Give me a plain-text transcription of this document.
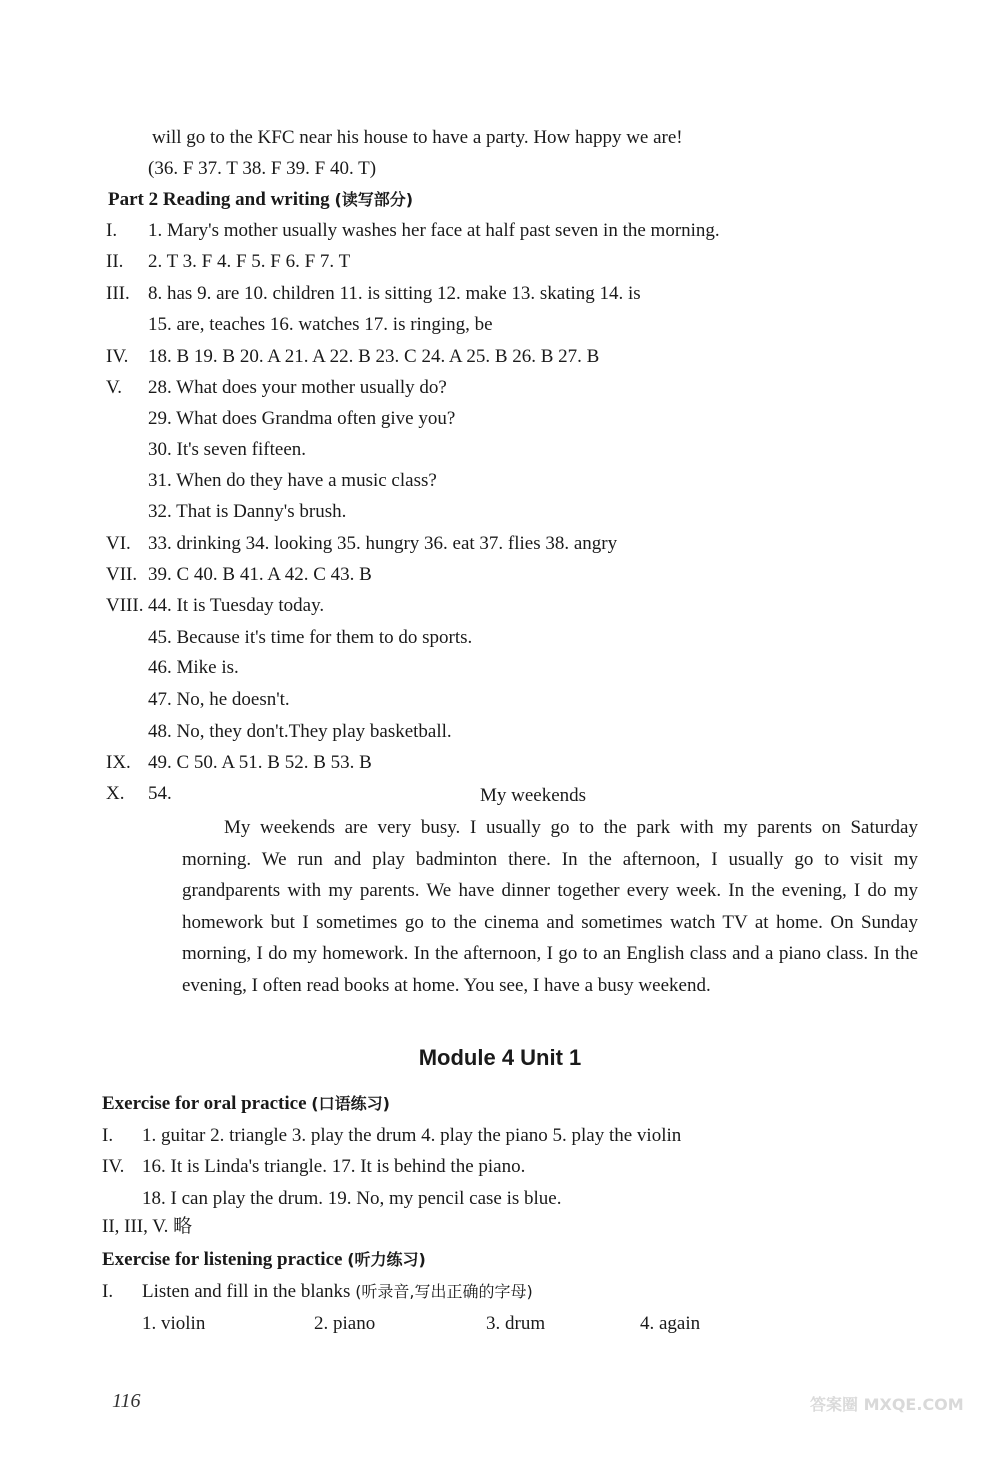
will go to the KFC near his house to have a party. How happy we are!
(36. F 37. T 38. F 39. F 40. T)
Part 2 Reading and writing (读写部分)
I. 1. Mary's mother usually washes her face at half past seven in the morning.
II. 2. T 3. F 4. F 5. F 6. F 7. T
III. 8. has 9. are 10. children 11. is sitting 12. make 13. skating 14. is
15. are, teaches 16. watches 17. is ringing, be
IV. 18. B 19. B 20. A 21. A 22. B 23. C 24. A 25. B 26. B 27. B
V. 28. What does your mother usually do?
29. What does Grandma often give you?
30. It's seven fifteen.
31. When do they have a music class?
32. That is Danny's brush.
VI. 33. drinking 34. looking 35. hungry 36. eat 37. flies 38. angry
VII. 39. C 40. B 41. A 42. C 43. B
VIII. 44. It is Tuesday today.
45. Because it's time for them to do sports.
46. Mike is.
47. No, he doesn't.
48. No, they don't.They play basketball.
IX. 49. C 50. A 51. B 52. B 53. B
X. 54.	My weekends
My weekends are very busy. I usually go to the park with my parents on Saturday morning. We run and play badminton there. In the afternoon, I usually go to visit my grandparents with my parents. We have dinner together every week. In the evening, I do my homework but I sometimes go to the cinema and sometimes watch TV at home. On Sunday morning, I do my homework. In the afternoon, I go to an English class and a piano class. In the evening, I often read books at home. You see, I have a busy weekend.
Module 4 Unit 1
Exercise for oral practice (口语练习)
I. 1. guitar 2. triangle 3. play the drum 4. play the piano 5. play the violin
IV. 16. It is Linda's triangle. 17. It is behind the piano.
18. I can play the drum. 19. No, my pencil case is blue.
II, III, V. 略
Exercise for listening practice (听力练习)
I. Listen and fill in the blanks (听录音,写出正确的字母)
1. violin	2. piano	3. drum	4. again
116	答案圈 MXQE.COM
